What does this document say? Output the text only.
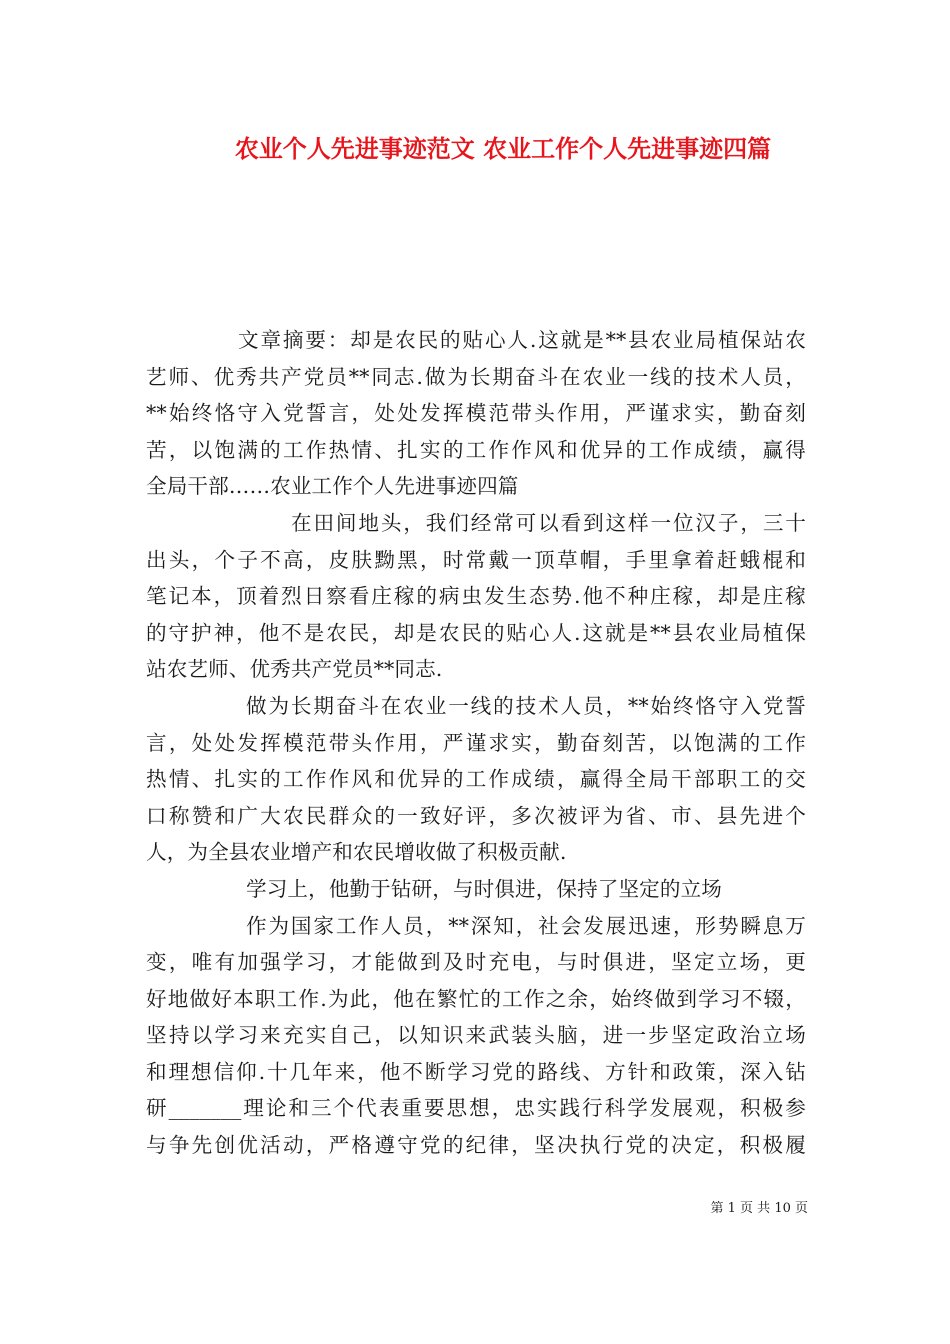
农业个人先进事迹范文 农业工作个人先进事迹四篇
文章摘要：却是农民的贴心人.这就是**县农业局植保站农
艺师、优秀共产党员**同志.做为长期奋斗在农业一线的技术人员，
**始终恪守入党誓言，处处发挥模范带头作用，严谨求实，勤奋刻
苦，以饱满的工作热情、扎实的工作作风和优异的工作成绩，赢得
全局干部……农业工作个人先进事迹四篇
在田间地头，我们经常可以看到这样一位汉子，三十
出头，个子不高，皮肤黝黑，时常戴一顶草帽，手里拿着赶蛾棍和
笔记本，顶着烈日察看庄稼的病虫发生态势.他不种庄稼，却是庄稼
的守护神，他不是农民，却是农民的贴心人.这就是**县农业局植保
站农艺师、优秀共产党员**同志.
做为长期奋斗在农业一线的技术人员，**始终恪守入党誓
言，处处发挥模范带头作用，严谨求实，勤奋刻苦，以饱满的工作
热情、扎实的工作作风和优异的工作成绩，赢得全局干部职工的交
口称赞和广大农民群众的一致好评，多次被评为省、市、县先进个
人，为全县农业增产和农民增收做了积极贡献.
学习上，他勤于钻研，与时俱进，保持了坚定的立场
作为国家工作人员，**深知，社会发展迅速，形势瞬息万
变，唯有加强学习，才能做到及时充电，与时俱进，坚定立场，更
好地做好本职工作.为此，他在繁忙的工作之余，始终做到学习不辍，
坚持以学习来充实自己，以知识来武装头脑，进一步坚定政治立场
和理想信仰.十几年来，他不断学习党的路线、方针和政策，深入钻
研_______理论和三个代表重要思想，忠实践行科学发展观，积极参
与争先创优活动，严格遵守党的纪律，坚决执行党的决定，积极履
第 1 页 共 10 页
